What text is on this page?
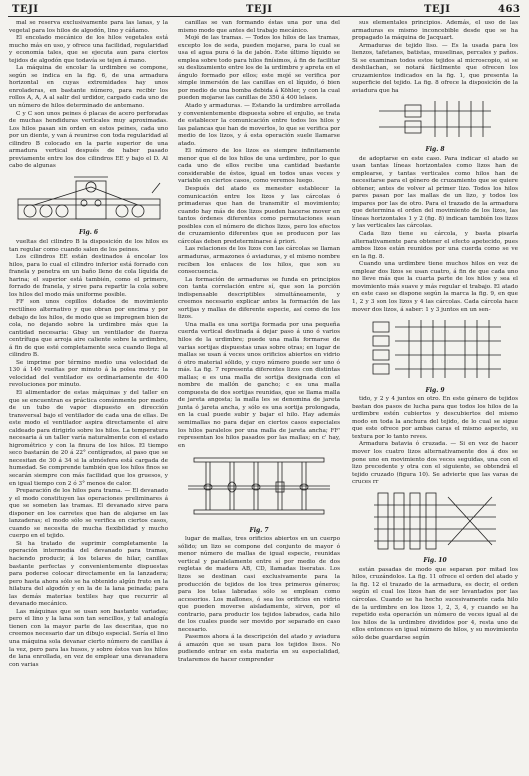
TEJI	TEJI	TEJI	463

mal se reserva exclusivamente para las lanas, y la vegetal para los hilos de algodón, lino y cáñamo.

El encolado mecánico de los hilos vegetales está mucho más en uso, y ofrece una facilidad, regularidad y economía tales, que se ejecuta aun para ciertos tejidos de algodón que todavía se tejen á mano.

La máquina de encolar la urdimbre se compone, según se indica en la fig. 6, de una armadura horizontal en cuyas extremidades hay unos enroladeras, en bastante número, para recibir los rollos A, A, A al salir del urdidor, cargado cada uno de un número de hilos determinado de antemano.

C y C son unos peines ó placas de acero perforadas de muchas hendiduras verticales muy aproximadas. Los hilos pasan sin orden en estos peines, cada uno por un diente, y van á reunirse con toda regularidad al cilindro B colocado en la parte superior de una armadura vertical después de haber pasado previamente entre los dos cilindros EE y bajo el D. Al cabo de algunas

Fig. 6

vueltas del cilindro B la disposición de los hilos es tan regular como cuando salen de los peines.

Los cilindros EE están destinados á encolar los hilos, para lo cual el cilindro inferior está forrado con franela y penetra en un baño lleno de cola líquida de harina; el superior está también, como el primero, forrado de franela, y sirve para repartir la cola sobre los hilos del modo más uniforme posible.

FF son unos cepillos dotados de movimiento rectilíneo alternativo y que obran por encima y por debajo de los hilos, de modo que se impregnen bien de cola, no dejando sobre la urdimbre más que la cantidad necesaria: Gbay un ventilador de fuerza centrífuga que arroja aire caliente sobre la urdimbre, á fin de que esté completamente seca cuando llega al cilindro B.

Se imprime por término medio una velocidad de 130 á 140 vueltas por minuto á la polea motriz: la velocidad del ventilador es ordinariamente de 400 revoluciones por minuto.

El alimentador de estas máquinas y del taller en que se encuentran es práctica comúnmente por medio de un tubo de vapor dispuesto en dirección transversal bajo el ventilador de cada una de ellas. De este modo el ventilador aspira directamente el aire caldeado para dirigirlo sobre los hilos. La temperatura necesaria á un taller varía naturalmente con el estado higrométrico y con la finura de los hilos. El tiempo seco bastarán de 20 á 22° centígrados, al paso que se necesitan de 30 á 34 si la atmósfera está cargada de humedad. Se comprende también que los hilos finos se secarán siempre con más facilidad que los gruesos, y en igual tiempo con 2 ó 3° menos de calor.

Preparación de los hilos para trama. — El devanado y el modo constituyen las operaciones preliminares á que se someten las tramas. El devanado sirve para disponer en los carretes que han de alojarse en las lanzaderas; el modo sólo se verifica en ciertos casos, cuando se necesita de mucha flexibilidad y mucho cuerpo en el tejido.

Si ha tratado de suprimir completamente la operación intermedia del devanado para tramas, haciendo producir, á los telares de hilar, canillas bastante perfectas y convenientemente dispuestas para poderse colocar directamente en la lanzadera; pero hasta ahora sólo se ha obtenido algún fruto en la hilatura del algodón y en la de la lana peinada; para las demás materias textiles hay que recurrir al devanado mecánico.

Las máquinas que se usan son bastante variadas; pero el lino y la lana son tan sencillos, y tal analogía tienen con la mayor parte de las descritas, que no creemos necesario dar un dibujo especial. Sería el lino una máquina sola devanar cierto número de canillas á la vez, pero para las husos, y sobre éstos van los hilos de lana enrollada, en vez de emplear una devanadera con varias

canillas se van formando éstas una por una del mismo modo que antes del trabajo mecánico.

Mojé de las tramas. — Todos los hilos de las tramas, excepto los de seda, pueden mojarse, para lo cual se usa el agua pura ó la de jabón. Este último líquido se emplea sobre todo para hilos finísimos, á fin de facilitar su deslizamiento entre los de la urdimbre y apreta en el ángulo formado por ellos; este mojé se verifica por simple inmersión de las canillas en el líquido, ó bien por medio de una bomba debida á Köhler, y con la cual pueden mojarse las canillas de 350 á 400 lelaes.

Atado y armaduras. — Estando la urdimbre arrollada y convenientemente dispuesta sobre el enjulio, se trata de establecer la comunicación entre todos los hilos y las palancas que han de moverlos, lo que se verifica por medio de los lizos, y á esta operación suele llamarse atado.

El número de los lizos es siempre infinitamente menor que el de los hilos de una urdimbre, por lo que cada uno de ellos recibe una cantidad bastante considerable de éstos, igual en todos unas veces y variable en ciertos casos, como veremos luego.

Después del atado es menester establecer la comunicación entre los lizos y las cárcolas ó primaderas que han de transmitir el movimiento; cuando hay más de dos lizos pueden hacerse mover en tantos órdenes diferentes como permutaciones sean posibles con el número de dichos lizos, pero los efectos de cruzamiento diferentes que se producen por las cárcolas deben predeterminarse á priori.

Las relaciones de los lizos con las cárcolas se llaman armaduras, armazones ó aviaduras, y el mismo nombre reciben los enlaces de los hilos, que son su consecuencia.

La formación de armaduras se funda en principios con tanta correlación entre sí, que son la porción indispensable descriptibles simultáneamente, y creemos necesario explicar antes la formación de las sortijas y mallas de diferente especie, así como de los lizos.

Una malla es una sortija formada por una pequeña cuerda vertical destinada á dejar paso á uno ó varios hilos de la urdimbre; puede una malla formarse de varias sortijas dispuestas unas sobre otras; en lugar de mallas se usan á veces unos orificios abiertos en vidrio ó otro material sólido, y cuyo número puede ser uno ó más. La fig. 7 representa diferentes lizos con distintas mallas; e es una malla de sortija designada con el nombre de mallón de gancho; c es una malla compuesta de dos sortijas reunidas, que se llama malla de jareta angosta; la malla les se denomina de jareta junta ó jareta ancha, y sólo es una sortija prolongada, en la cual puede subir y bajar el hilo. Hay además semimallas no para dejar en ciertos casos especiales los hilos paralelos por una malla de jareta ancha; FF' representan los hilos pasados por las mallas; en c' hay, en

Fig. 7

lugar de mallas, tres orificios abiertos en un cuerpo sólido; un lizo se compone del conjunto de mayor ó menor número de mallas de igual especie, reunidas vertical y paralelamente entre sí por medio de dos regletas de madera AB, CD, llamadas liseratas. Los lizos se destinan casi exclusivamente para la producción de tejidos de los tres primeros géneros; para los telas labradas sólo se emplean como accesorios. Los mallones, ó sea los orificios en vidrio que pueden moverse aisladamente, sirven, por el contrario, para producir los tejidos labrados, cada hilo de los cuales puede ser movido por separado en caso necesario.

Pasemos ahora á la descripción del atado y aviadura á amazón que se usan para los tejidos lisos. No pudiendo entrar en esta materia en su especialidad, trataremos de hacer comprender

sus elementales principios. Además, el uso de las armaduras es mismo inconcebible desde que se ha propagado la máquina de Jacquart.

Armaduras de tejido liso. — Es la usada para los lienzos, tafetanes, batistas, muselinas, percales y paños. Si se examinan todos estos tejidos al microscopio, si se deshilachan, se notará fácilmente que ofrecen los cruzamientos indicados en la fig. 1, que presenta la superficie del tejido. La fig. 8 ofrece la disposición de la aviadura que ha

Fig. 8

de adoptarse en este caso. Para indicar el atado se usan tantas líneas horizontales como lizos han de emplearse, y tantas verticales como hilos han de necesitarse para el género de cruzamiento que se quiere obtener, antes de volver al primer lizo. Todos los hilos pares pasan por las mallas de un lizo, y todos los impares por las de otro. Para el trazado de la armadura que determina el orden del movimiento de los lizos, las líneas horizontales 1 y 2 (fig. 8) indican también los lizos y las verticales las cárcolas.

Cada lizo tiene su cárcola, y basta pisarla alternativamente para obtener el efecto apetecido, pues ambos lizos están reunidos por una cuerda como se ve en la fig. 8.

Cuando una urdimbre tiene muchos hilos en vez de emplear dos lizos se usan cuatro, á fin de que cada uno no lleve más que la cuarta parte de los hilos y sea el movimiento más suave y más regular el trabajo. El atado en este caso se dispone según la marca la fig. 9, en que 1, 2 y 3 son los lizos y 4 las cárcolas. Cada cárcola hace mover dos lizos, á saber: 1 y 3 juntos en un sen-

Fig. 9

tido, y 2 y 4 juntos en otro. En este género de tejidos bastan dos pasos de lucha para que todos los hilos de la urdimbre estén cubiertos y descubiertos del mismo modo en toda la anchura del tejido, de lo cual se sigue que este ofrece por ambas caras el mismo aspecto, su textura por lo tanto reves.

Armadura batavia ó cruzada. — Si en vez de hacer mover los cuatro lizos alternativamente dos á dos se pone uno en movimiento dos veces seguidas, una con el lizo precedente y otra con el siguiente, se obtendrá el tejido cruzado (figura 10). Se advierte que las varas de cruces rr

Fig. 10

están pasadas de modo que separan por mitad los hilos, cruzándolos. La fig. 11 ofrece el orden del atado y la fig. 12 el trazado de la armadura, es decir, el orden según el cual los lizos han de ser levantados por las cárcolas. Cuando se ha hecho sucesivamente cada hilo de la urdimbre en los lizos 1, 2, 3, 4, y cuando se ha repetido esta operación un número de veces igual al de los hilos de la urdimbre divididos por 4, resta uno de ellos entonces en igual número de hilos, y su movimiento sólo debe guardarse según
